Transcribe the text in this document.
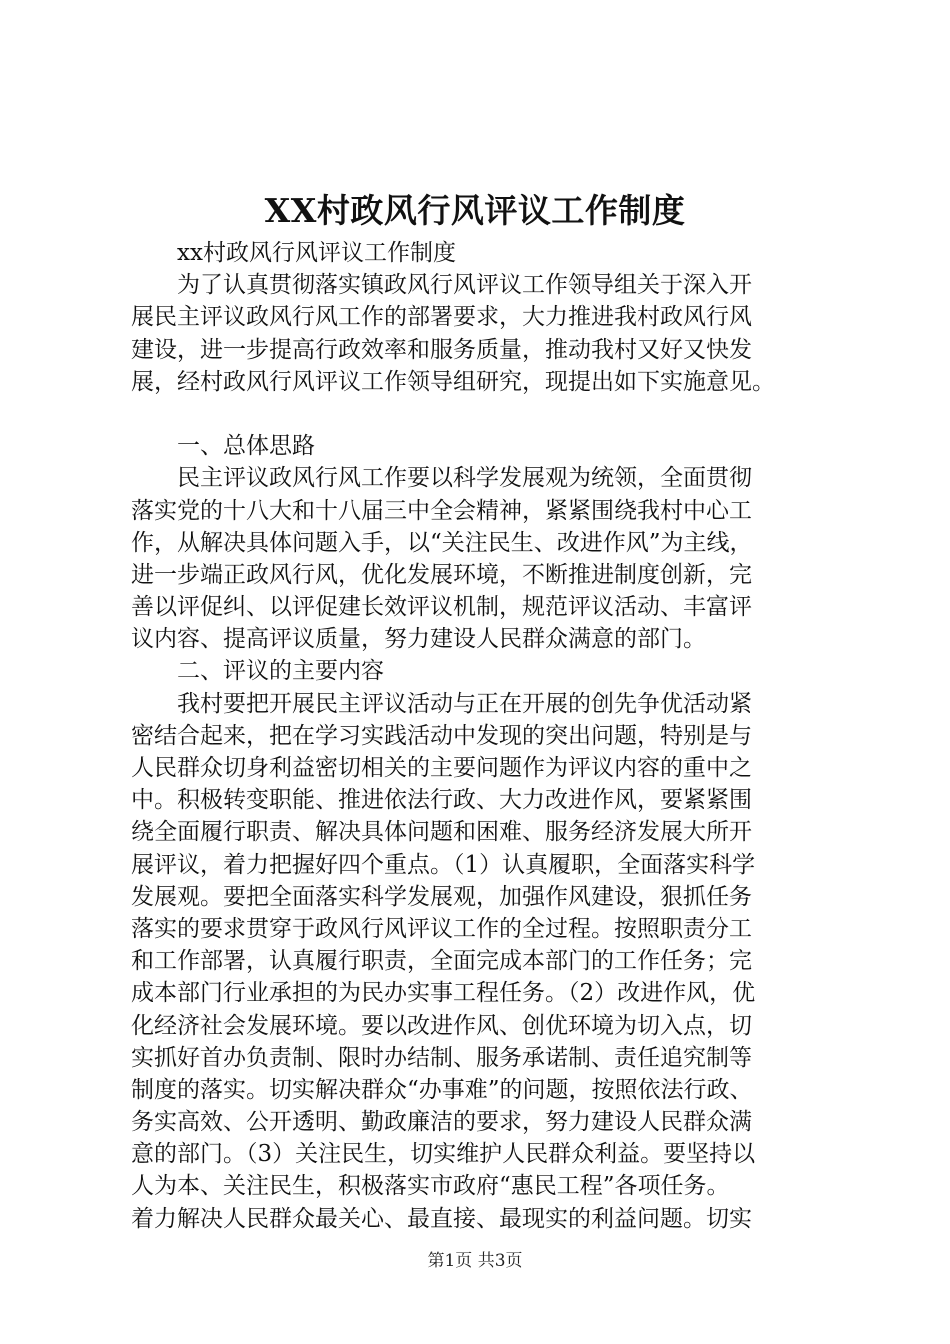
XX村政风行风评议工作制度
　　xx村政风行风评议工作制度
　　为了认真贯彻落实镇政风行风评议工作领导组关于深入开
展民主评议政风行风工作的部署要求，大力推进我村政风行风
建设，进一步提高行政效率和服务质量，推动我村又好又快发
展，经村政风行风评议工作领导组研究，现提出如下实施意见。
　　一、总体思路
　　民主评议政风行风工作要以科学发展观为统领，全面贯彻
落实党的十八大和十八届三中全会精神，紧紧围绕我村中心工
作，从解决具体问题入手，以“关注民生、改进作风”为主线，
进一步端正政风行风，优化发展环境，不断推进制度创新，完
善以评促纠、以评促建长效评议机制，规范评议活动、丰富评
议内容、提高评议质量，努力建设人民群众满意的部门。
　　二、评议的主要内容
　　我村要把开展民主评议活动与正在开展的创先争优活动紧
密结合起来，把在学习实践活动中发现的突出问题，特别是与
人民群众切身利益密切相关的主要问题作为评议内容的重中之
中。积极转变职能、推进依法行政、大力改进作风，要紧紧围
绕全面履行职责、解决具体问题和困难、服务经济发展大所开
展评议，着力把握好四个重点。（1）认真履职，全面落实科学
发展观。要把全面落实科学发展观，加强作风建设，狠抓任务
落实的要求贯穿于政风行风评议工作的全过程。按照职责分工
和工作部署，认真履行职责，全面完成本部门的工作任务；完
成本部门行业承担的为民办实事工程任务。（2）改进作风，优
化经济社会发展环境。要以改进作风、创优环境为切入点，切
实抓好首办负责制、限时办结制、服务承诺制、责任追究制等
制度的落实。切实解决群众“办事难”的问题，按照依法行政、
务实高效、公开透明、勤政廉洁的要求，努力建设人民群众满
意的部门。（3）关注民生，切实维护人民群众利益。要坚持以
人为本、关注民生，积极落实市政府“惠民工程”各项任务。
着力解决人民群众最关心、最直接、最现实的利益问题。切实
第1页 共3页
